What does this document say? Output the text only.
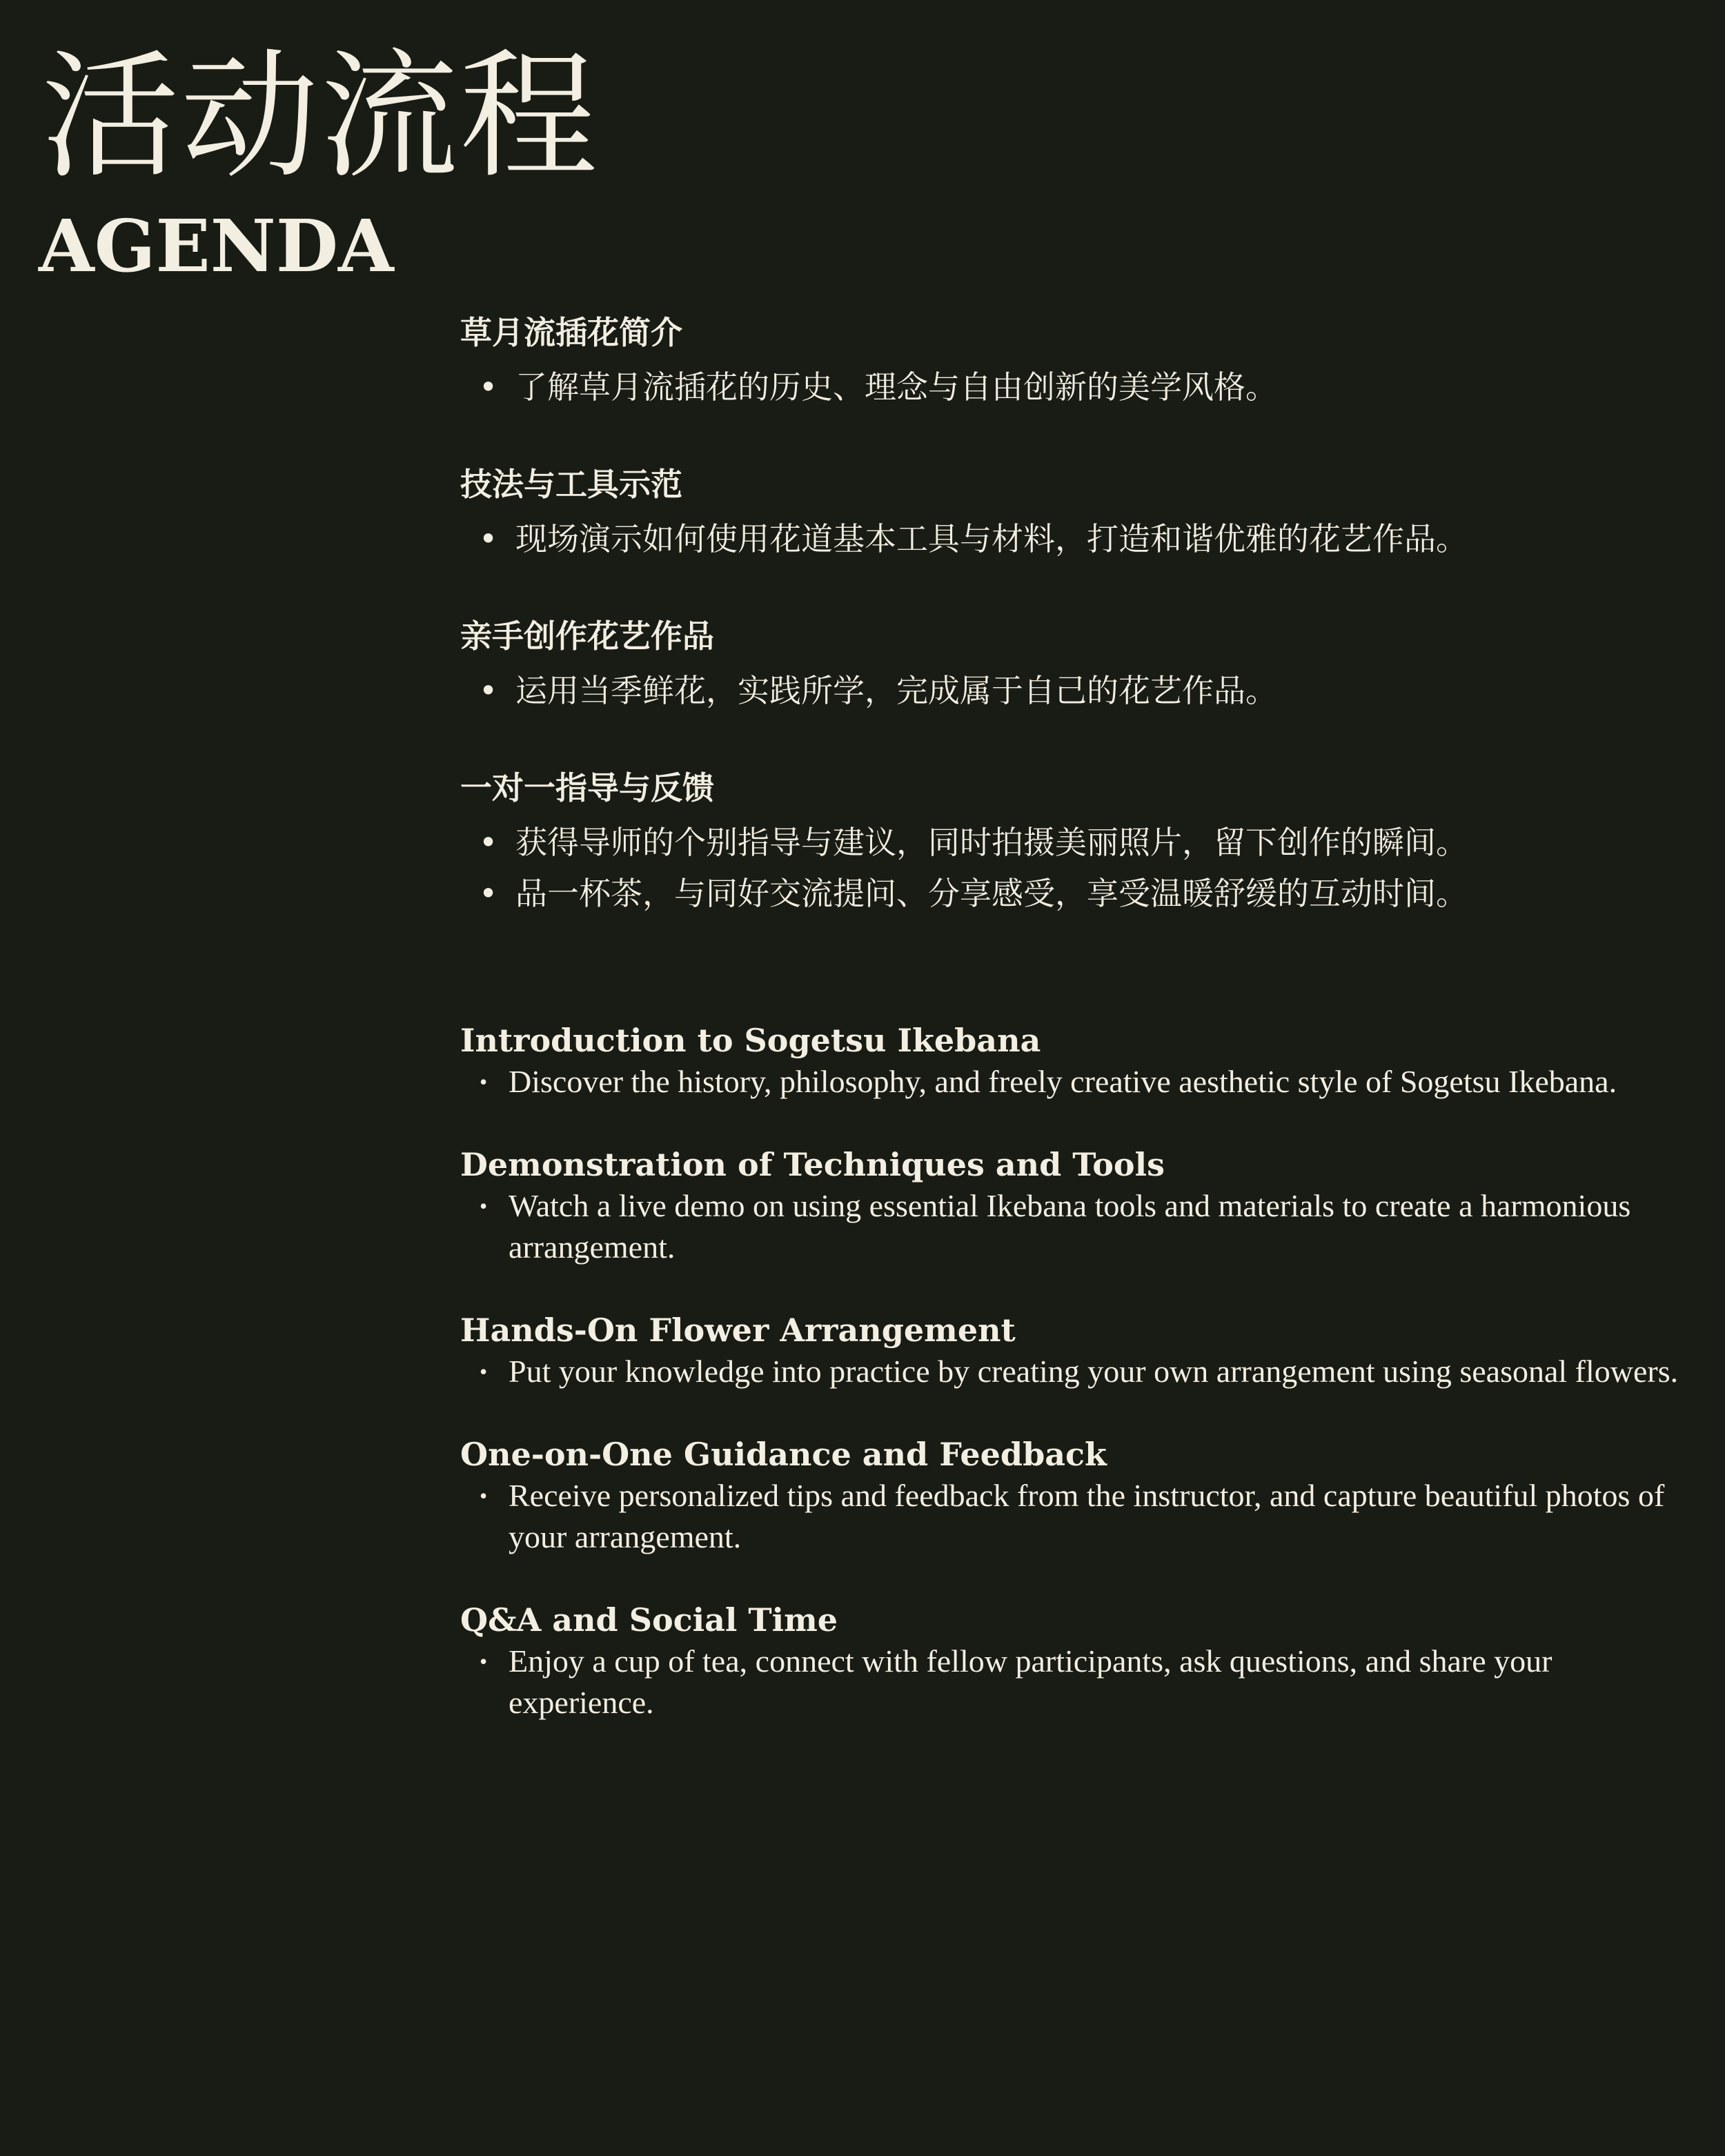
活动流程
AGENDA
草月流插花简介
• 了解草月流插花的历史、理念与自由创新的美学风格。
技法与工具示范
• 现场演示如何使用花道基本工具与材料，打造和谐优雅的花艺作品。
亲手创作花艺作品
• 运用当季鲜花，实践所学，完成属于自己的花艺作品。
一对一指导与反馈
• 获得导师的个别指导与建议，同时拍摄美丽照片，留下创作的瞬间。
• 品一杯茶，与同好交流提问、分享感受，享受温暖舒缓的互动时间。
Introduction to Sogetsu Ikebana
• Discover the history, philosophy, and freely creative aesthetic style of Sogetsu Ikebana.
Demonstration of Techniques and Tools
• Watch a live demo on using essential Ikebana tools and materials to create a harmonious arrangement.
Hands-On Flower Arrangement
• Put your knowledge into practice by creating your own arrangement using seasonal flowers.
One-on-One Guidance and Feedback
• Receive personalized tips and feedback from the instructor, and capture beautiful photos of your arrangement.
Q&A and Social Time
• Enjoy a cup of tea, connect with fellow participants, ask questions, and share your experience.
